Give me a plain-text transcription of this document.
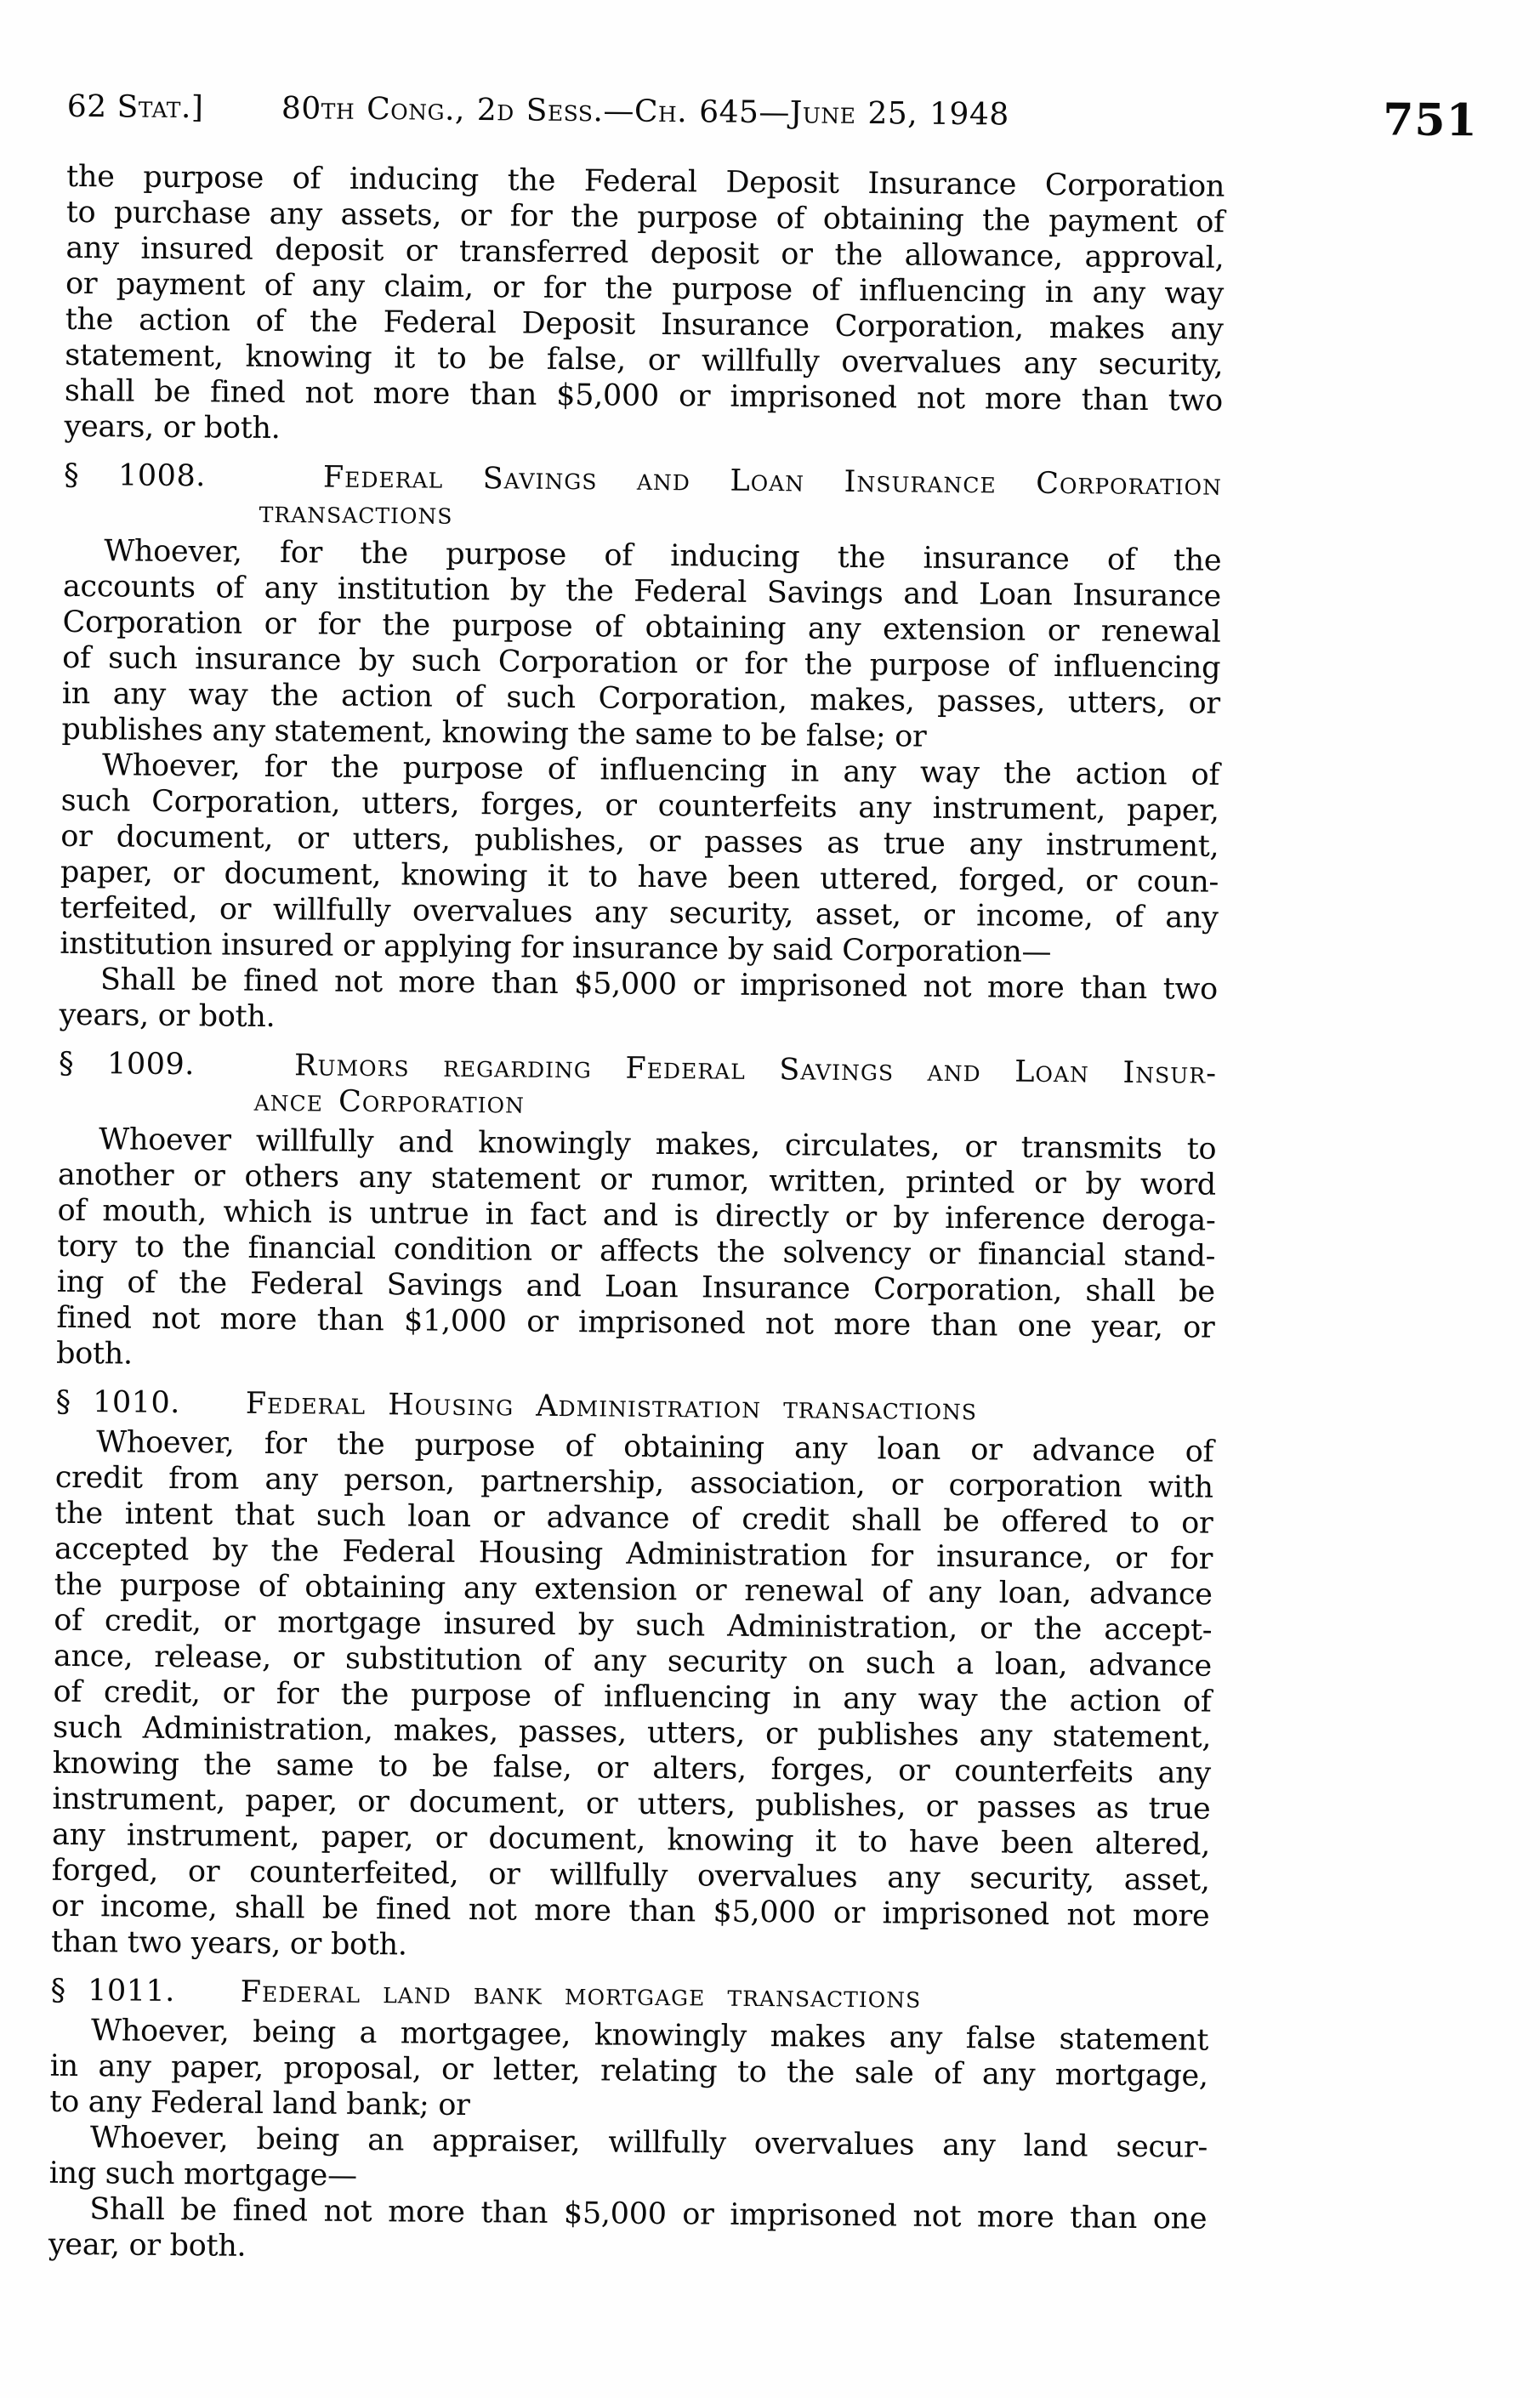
62 Stat.]	80th Cong., 2d Sess.—Ch. 645—June 25, 1948	751
the purpose of inducing the Federal Deposit Insurance Corporation
to purchase any assets, or for the purpose of obtaining the payment of
any insured deposit or transferred deposit or the allowance, approval,
or payment of any claim, or for the purpose of influencing in any way
the action of the Federal Deposit Insurance Corporation, makes any
statement, knowing it to be false, or willfully overvalues any security,
shall be fined not more than $5,000 or imprisoned not more than two
years, or both.
§ 1008.	Federal Savings and Loan Insurance Corporation
transactions
Whoever, for the purpose of inducing the insurance of the
accounts of any institution by the Federal Savings and Loan Insurance
Corporation or for the purpose of obtaining any extension or renewal
of such insurance by such Corporation or for the purpose of influencing
in any way the action of such Corporation, makes, passes, utters, or
publishes any statement, knowing the same to be false; or
Whoever, for the purpose of influencing in any way the action of
such Corporation, utters, forges, or counterfeits any instrument, paper,
or document, or utters, publishes, or passes as true any instrument,
paper, or document, knowing it to have been uttered, forged, or coun-
terfeited, or willfully overvalues any security, asset, or income, of any
institution insured or applying for insurance by said Corporation—
Shall be fined not more than $5,000 or imprisoned not more than two
years, or both.
§ 1009.	Rumors regarding Federal Savings and Loan Insur-
ance Corporation
Whoever willfully and knowingly makes, circulates, or transmits to
another or others any statement or rumor, written, printed or by word
of mouth, which is untrue in fact and is directly or by inference deroga-
tory to the financial condition or affects the solvency or financial stand-
ing of the Federal Savings and Loan Insurance Corporation, shall be
fined not more than $1,000 or imprisoned not more than one year, or
both.
§ 1010. Federal Housing Administration transactions
Whoever, for the purpose of obtaining any loan or advance of
credit from any person, partnership, association, or corporation with
the intent that such loan or advance of credit shall be offered to or
accepted by the Federal Housing Administration for insurance, or for
the purpose of obtaining any extension or renewal of any loan, advance
of credit, or mortgage insured by such Administration, or the accept-
ance, release, or substitution of any security on such a loan, advance
of credit, or for the purpose of influencing in any way the action of
such Administration, makes, passes, utters, or publishes any statement,
knowing the same to be false, or alters, forges, or counterfeits any
instrument, paper, or document, or utters, publishes, or passes as true
any instrument, paper, or document, knowing it to have been altered,
forged, or counterfeited, or willfully overvalues any security, asset,
or income, shall be fined not more than $5,000 or imprisoned not more
than two years, or both.
§ 1011. Federal land bank mortgage transactions
Whoever, being a mortgagee, knowingly makes any false statement
in any paper, proposal, or letter, relating to the sale of any mortgage,
to any Federal land bank; or
Whoever, being an appraiser, willfully overvalues any land secur-
ing such mortgage—
Shall be fined not more than $5,000 or imprisoned not more than one
year, or both.
